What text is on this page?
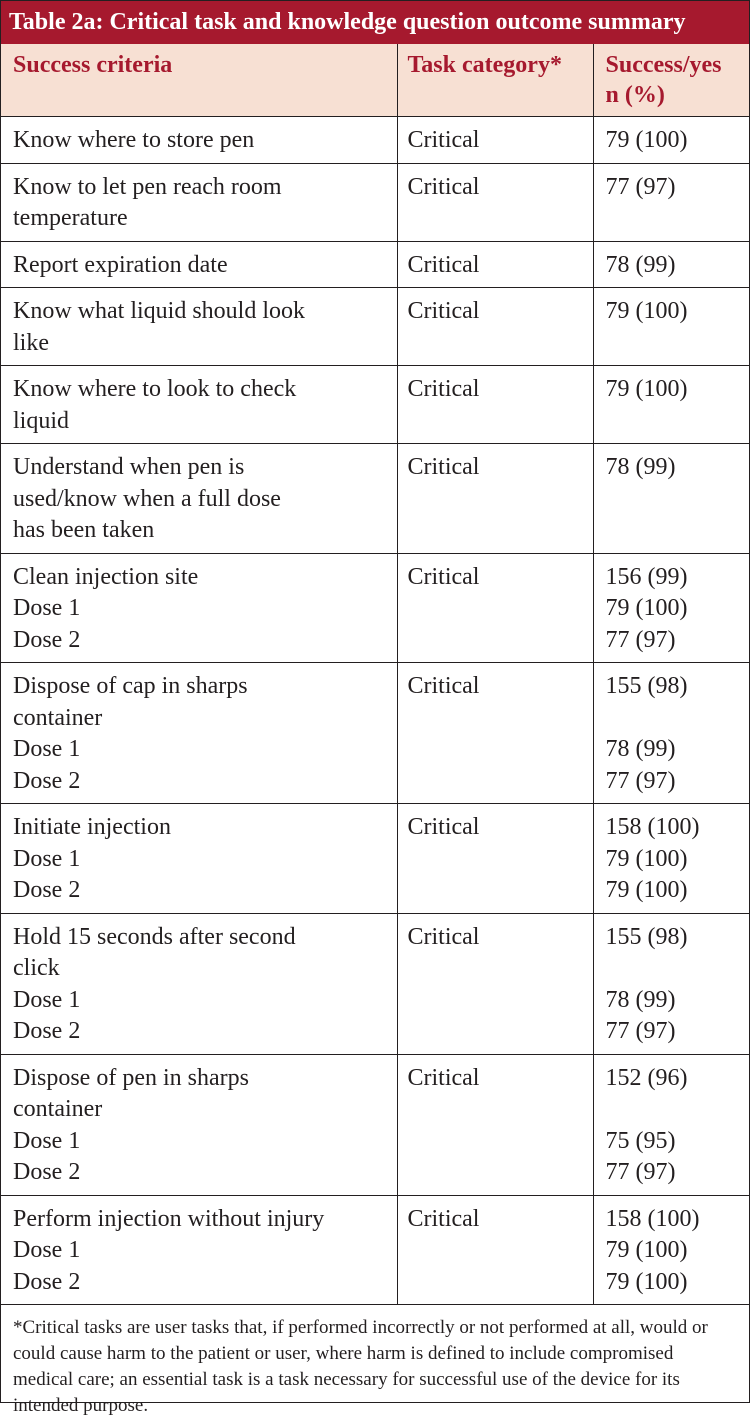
Table 2a: Critical task and knowledge question outcome summary
Success criteria	Task category*	Success/yes
n (%)

Know where to store pen	Critical	79 (100)

Know to let pen reach room
temperature	Critical	77 (97)

Report expiration date	Critical	78 (99)

Know what liquid should look
like	Critical	79 (100)

Know where to look to check
liquid	Critical	79 (100)

Understand when pen is
used/know when a full dose
has been taken	Critical	78 (99)

Clean injection site
Dose 1
Dose 2	Critical	156 (99)
79 (100)
77 (97)

Dispose of cap in sharps
container
Dose 1
Dose 2	Critical	155 (98)

78 (99)
77 (97)

Initiate injection
Dose 1
Dose 2	Critical	158 (100)
79 (100)
79 (100)

Hold 15 seconds after second
click
Dose 1
Dose 2	Critical	155 (98)

78 (99)
77 (97)

Dispose of pen in sharps
container
Dose 1
Dose 2	Critical	152 (96)

75 (95)
77 (97)

Perform injection without injury
Dose 1
Dose 2	Critical	158 (100)
79 (100)
79 (100)
*Critical tasks are user tasks that, if performed incorrectly or not performed at all, would or could cause harm to the patient or user, where harm is defined to include compromised medical care; an essential task is a task necessary for successful use of the device for its intended purpose.
